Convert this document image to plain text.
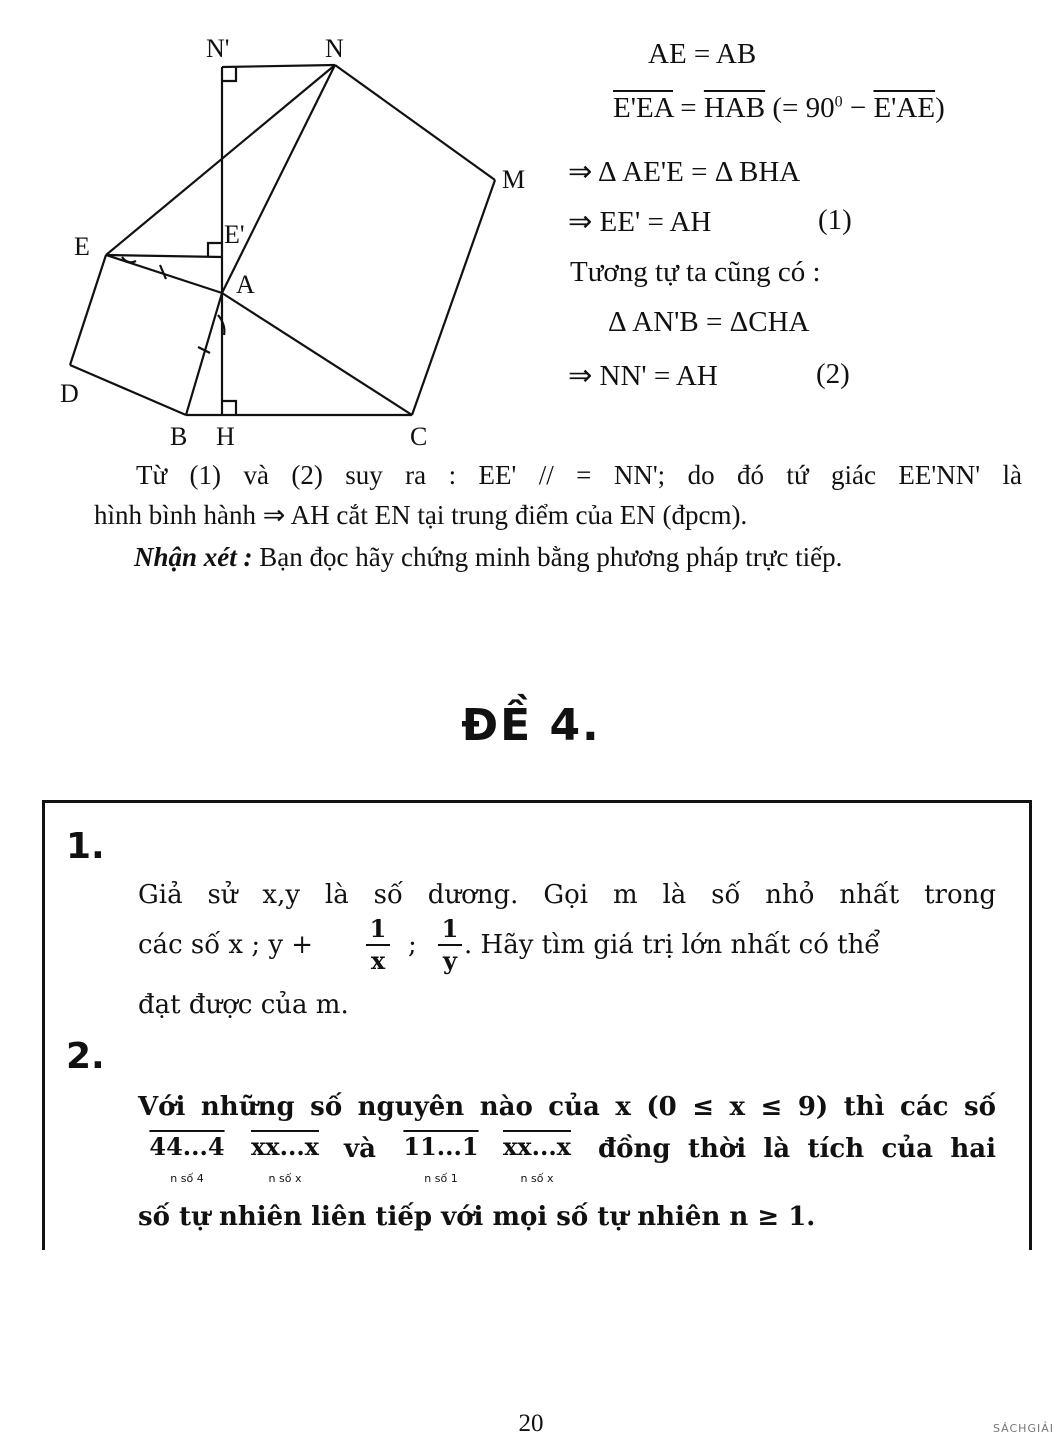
N'	N
M
E	E'
A
D
B H	C
AE = AB
$E'EA = \overline{HAB}$ (= $90^0 - E'AE$)
⇒ Δ AE'E = Δ BHA
⇒ EE' = AH	(1)
Tương tự ta cũng có :
Δ AN'B = ΔCHA
⇒ NN' = AH	(2)
Từ (1) và (2) suy ra : EE' // = NN'; do đó tứ giác EE'NN' là
hình bình hành ⇒ AH cắt EN tại trung điểm của EN (đpcm).
Nhận xét : Bạn đọc hãy chứng minh bằng phương pháp trực tiếp.
ĐỀ 4.
1.
Giả sử x,y là số dương. Gọi m là số nhỏ nhất trong
các số x ; $y + \frac{1}{x}$ ; $\frac{1}{y}$ . Hãy tìm giá trị lớn nhất có thể
đạt được của m.
2.
Với những số nguyên nào của x (0 ≤ x ≤ 9) thì các số
44...4
n số 4
xx...x
n số x
và 11...1
n số 1
xx...x
n số x
đồng thời là tích của hai
số tự nhiên liên tiếp với mọi số tự nhiên n ≥ 1.
20	SÁCHGIẢI
